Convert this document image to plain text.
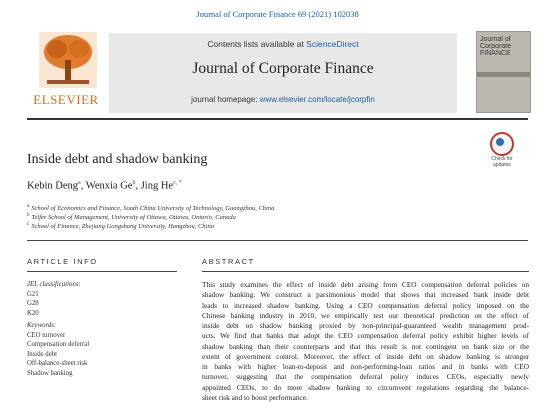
Journal of Corporate Finance 69 (2021) 102038
ELSEVIER
Contents lists available at ScienceDirect
Journal of Corporate Finance
journal homepage: www.elsevier.com/locate/jcorpfin
Journal of
Corporate
FINANCE
Check for
updates
Inside debt and shadow banking
Kebin Deng$^a$, Wenxia Ge$^b$, Jing $He^{c, *}$
$^a$ School of Economics and Finance, South China University of Technology, Guangzhou, China
$^b$ Telfer School of Management, University of Ottawa, Ottawa, Ontario, Canada
$^c$ School of Finance, Zhejiang Gongshang University, Hangzhou, China
ARTICLE INFO	ABSTRACT
JEL classifications:
G21
G28
K20
Keywords:
CEO turnover
Compensation deferral
Inside debt
Off-balance-sheet risk
Shadow banking
This study examines the effect of inside debt arising from CEO compensation deferral policies on
shadow banking. We construct a parsimonious model that shows that increased bank inside debt
leads to increased shadow banking. Using a CEO compensation deferral policy imposed on the
Chinese banking industry in 2010, we empirically test our theoretical prediction on the effect of
inside debt on shadow banking proxied by non-principal-guaranteed wealth management prod-
ucts. We find that banks that adopt the CEO compensation deferral policy exhibit higher levels of
shadow banking than their counterparts and that this result is not contingent on bank size or the
extent of government control. Moreover, the effect of inside debt on shadow banking is stronger
in banks with higher loan-to-deposit and non-performing-loan ratios and in banks with CEO
turnover, suggesting that the compensation deferral policy induces CEOs, especially newly
appointed CEOs, to do more shadow banking to circumvent regulations regarding the balance-
sheet risk and to boost performance.
